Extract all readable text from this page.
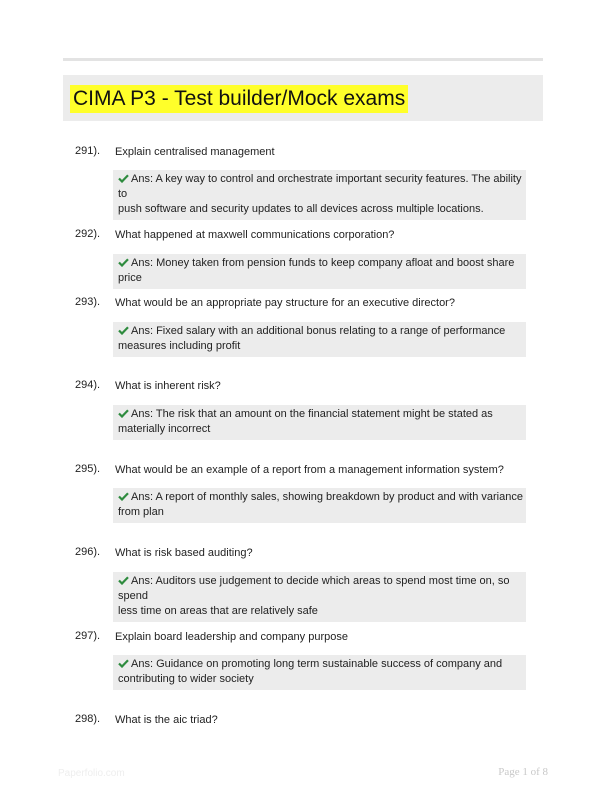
CIMA P3 - Test builder/Mock exams
291). Explain centralised management
Ans: A key way to control and orchestrate important security features. The ability to
push software and security updates to all devices across multiple locations.
292). What happened at maxwell communications corporation?
Ans: Money taken from pension funds to keep company afloat and boost share price
293). What would be an appropriate pay structure for an executive director?
Ans: Fixed salary with an additional bonus relating to a range of performance
measures including profit
294). What is inherent risk?
Ans: The risk that an amount on the financial statement might be stated as
materially incorrect
295). What would be an example of a report from a management information system?
Ans: A report of monthly sales, showing breakdown by product and with variance
from plan
296). What is risk based auditing?
Ans: Auditors use judgement to decide which areas to spend most time on, so spend
less time on areas that are relatively safe
297). Explain board leadership and company purpose
Ans: Guidance on promoting long term sustainable success of company and
contributing to wider society
298). What is the aic triad?
Paperfolio.com	Page 1 of 8
